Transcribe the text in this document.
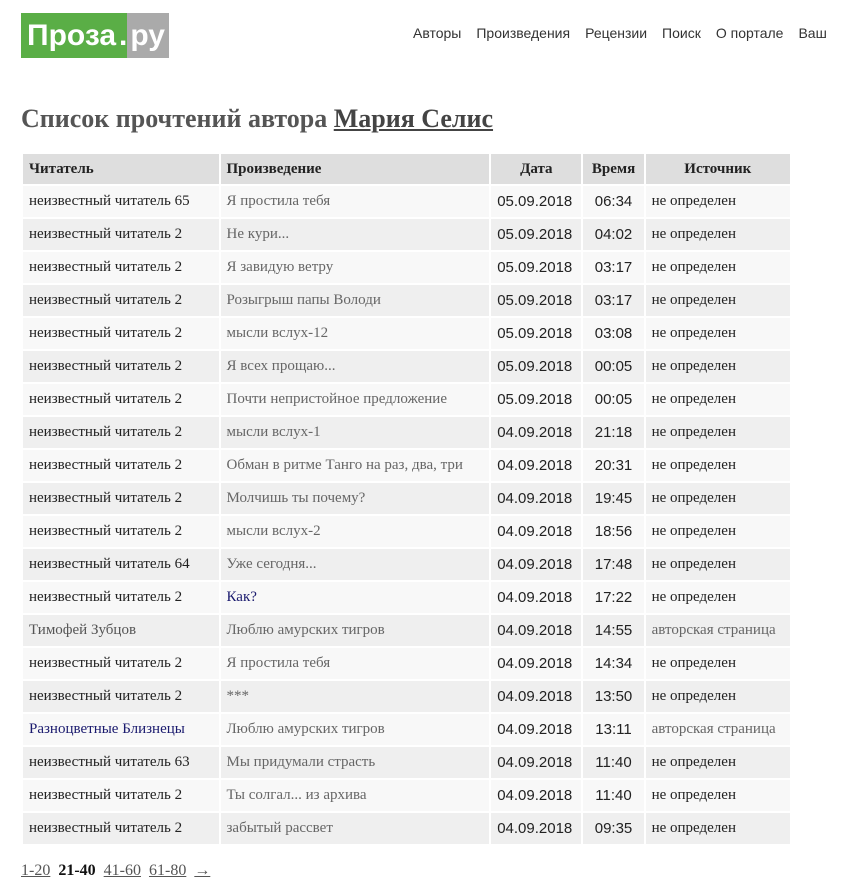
Проза . ру	Авторы Произведения Рецензии Поиск О портале Ваш
Список прочтений автора Мария Селис
Читатель	Произведение	Дата	Время	Источник
неизвестный читатель 65	Я простила тебя	05.09.2018	06:34	не определен
неизвестный читатель 2	Не кури...	05.09.2018	04:02	не определен
неизвестный читатель 2	Я завидую ветру	05.09.2018	03:17	не определен
неизвестный читатель 2	Розыгрыш папы Володи	05.09.2018	03:17	не определен
неизвестный читатель 2	мысли вслух-12	05.09.2018	03:08	не определен
неизвестный читатель 2	Я всех прощаю...	05.09.2018	00:05	не определен
неизвестный читатель 2	Почти непристойное предложение	05.09.2018	00:05	не определен
неизвестный читатель 2	мысли вслух-1	04.09.2018	21:18	не определен
неизвестный читатель 2	Обман в ритме Танго на раз, два, три	04.09.2018	20:31	не определен
неизвестный читатель 2	Молчишь ты почему?	04.09.2018	19:45	не определен
неизвестный читатель 2	мысли вслух-2	04.09.2018	18:56	не определен
неизвестный читатель 64	Уже сегодня...	04.09.2018	17:48	не определен
неизвестный читатель 2	Как?	04.09.2018	17:22	не определен
Тимофей Зубцов	Люблю амурских тигров	04.09.2018	14:55	авторская страница
неизвестный читатель 2	Я простила тебя	04.09.2018	14:34	не определен
неизвестный читатель 2	***	04.09.2018	13:50	не определен
Разноцветные Близнецы	Люблю амурских тигров	04.09.2018	13:11	авторская страница
неизвестный читатель 63	Мы придумали страсть	04.09.2018	11:40	не определен
неизвестный читатель 2	Ты солгал... из архива	04.09.2018	11:40	не определен
неизвестный читатель 2	забытый рассвет	04.09.2018	09:35	не определен
1-20 21-40 41-60 61-80 →
